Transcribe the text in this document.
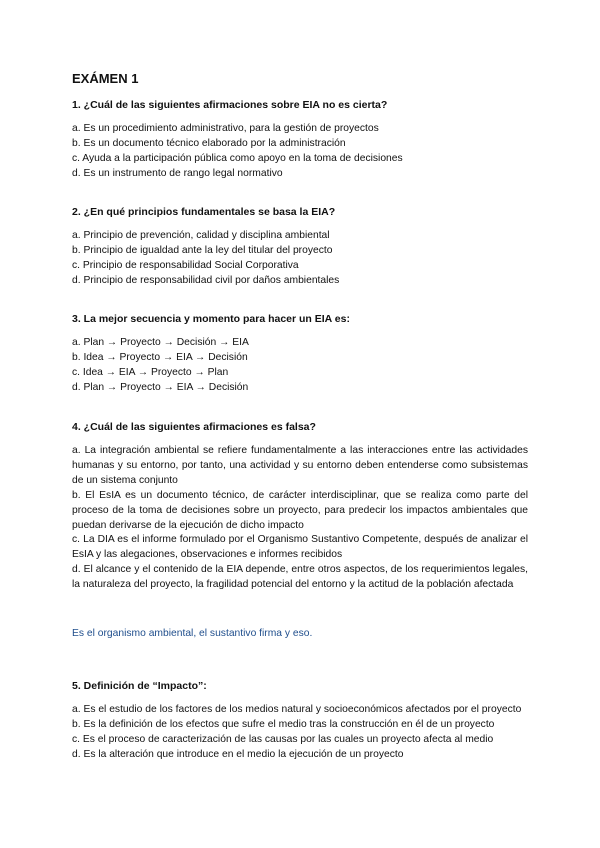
EXÁMEN 1

1. ¿Cuál de las siguientes afirmaciones sobre EIA no es cierta?

a. Es un procedimiento administrativo, para la gestión de proyectos

b. Es un documento técnico elaborado por la administración

c. Ayuda a la participación pública como apoyo en la toma de decisiones

d. Es un instrumento de rango legal normativo

2. ¿En qué principios fundamentales se basa la EIA?

a. Principio de prevención, calidad y disciplina ambiental

b. Principio de igualdad ante la ley del titular del proyecto

c. Principio de responsabilidad Social Corporativa

d. Principio de responsabilidad civil por daños ambientales

3. La mejor secuencia y momento para hacer un EIA es:

a. Plan → Proyecto → Decisión → EIA

b. Idea → Proyecto → EIA → Decisión

c. Idea → EIA → Proyecto → Plan

d. Plan → Proyecto → EIA → Decisión

4. ¿Cuál de las siguientes afirmaciones es falsa?

a. La integración ambiental se refiere fundamentalmente a las interacciones entre las actividades humanas y su entorno, por tanto, una actividad y su entorno deben entenderse como subsistemas de un sistema conjunto

b. El EsIA es un documento técnico, de carácter interdisciplinar, que se realiza como parte del proceso de la toma de decisiones sobre un proyecto, para predecir los impactos ambientales que puedan derivarse de la ejecución de dicho impacto

c. La DIA es el informe formulado por el Organismo Sustantivo Competente, después de analizar el EsIA y las alegaciones, observaciones e informes recibidos

d. El alcance y el contenido de la EIA depende, entre otros aspectos, de los requerimientos legales, la naturaleza del proyecto, la fragilidad potencial del entorno y la actitud de la población afectada

Es el organismo ambiental, el sustantivo firma y eso.

5. Definición de “Impacto”:

a. Es el estudio de los factores de los medios natural y socioeconómicos afectados por el proyecto

b. Es la definición de los efectos que sufre el medio tras la construcción en él de un proyecto

c. Es el proceso de caracterización de las causas por las cuales un proyecto afecta al medio

d. Es la alteración que introduce en el medio la ejecución de un proyecto
